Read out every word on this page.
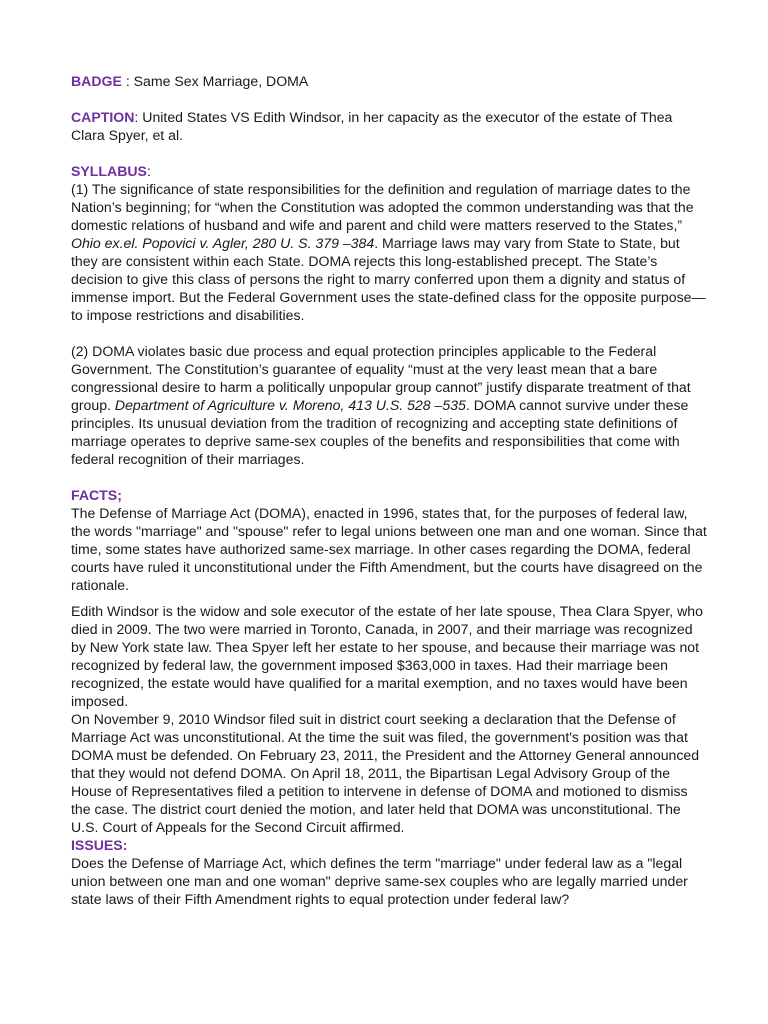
BADGE : Same Sex Marriage, DOMA

CAPTION: United States VS Edith Windsor, in her capacity as the executor of the estate of Thea Clara Spyer, et al.

SYLLABUS:

(1) The significance of state responsibilities for the definition and regulation of marriage dates to the Nation’s beginning; for “when the Constitution was adopted the common understanding was that the domestic relations of husband and wife and parent and child were matters reserved to the States,” Ohio ex.el. Popovici v. Agler, 280 U. S. 379 –384. Marriage laws may vary from State to State, but they are consistent within each State. DOMA rejects this long-established precept. The State’s decision to give this class of persons the right to marry conferred upon them a dignity and status of immense import. But the Federal Government uses the state-defined class for the opposite purpose—to impose restrictions and disabilities.

(2) DOMA violates basic due process and equal protection principles applicable to the Federal Government. The Constitution’s guarantee of equality “must at the very least mean that a bare congressional desire to harm a politically unpopular group cannot” justify disparate treatment of that group. Department of Agriculture v. Moreno, 413 U.S. 528 –535. DOMA cannot survive under these principles. Its unusual deviation from the tradition of recognizing and accepting state definitions of marriage operates to deprive same-sex couples of the benefits and responsibilities that come with federal recognition of their marriages.

FACTS;

The Defense of Marriage Act (DOMA), enacted in 1996, states that, for the purposes of federal law, the words "marriage" and "spouse" refer to legal unions between one man and one woman. Since that time, some states have authorized same-sex marriage. In other cases regarding the DOMA, federal courts have ruled it unconstitutional under the Fifth Amendment, but the courts have disagreed on the rationale.

Edith Windsor is the widow and sole executor of the estate of her late spouse, Thea Clara Spyer, who died in 2009. The two were married in Toronto, Canada, in 2007, and their marriage was recognized by New York state law. Thea Spyer left her estate to her spouse, and because their marriage was not recognized by federal law, the government imposed $363,000 in taxes. Had their marriage been recognized, the estate would have qualified for a marital exemption, and no taxes would have been imposed.

On November 9, 2010 Windsor filed suit in district court seeking a declaration that the Defense of Marriage Act was unconstitutional. At the time the suit was filed, the government's position was that DOMA must be defended. On February 23, 2011, the President and the Attorney General announced that they would not defend DOMA. On April 18, 2011, the Bipartisan Legal Advisory Group of the House of Representatives filed a petition to intervene in defense of DOMA and motioned to dismiss the case. The district court denied the motion, and later held that DOMA was unconstitutional. The U.S. Court of Appeals for the Second Circuit affirmed.

ISSUES:

Does the Defense of Marriage Act, which defines the term "marriage" under federal law as a "legal union between one man and one woman" deprive same-sex couples who are legally married under state laws of their Fifth Amendment rights to equal protection under federal law?
